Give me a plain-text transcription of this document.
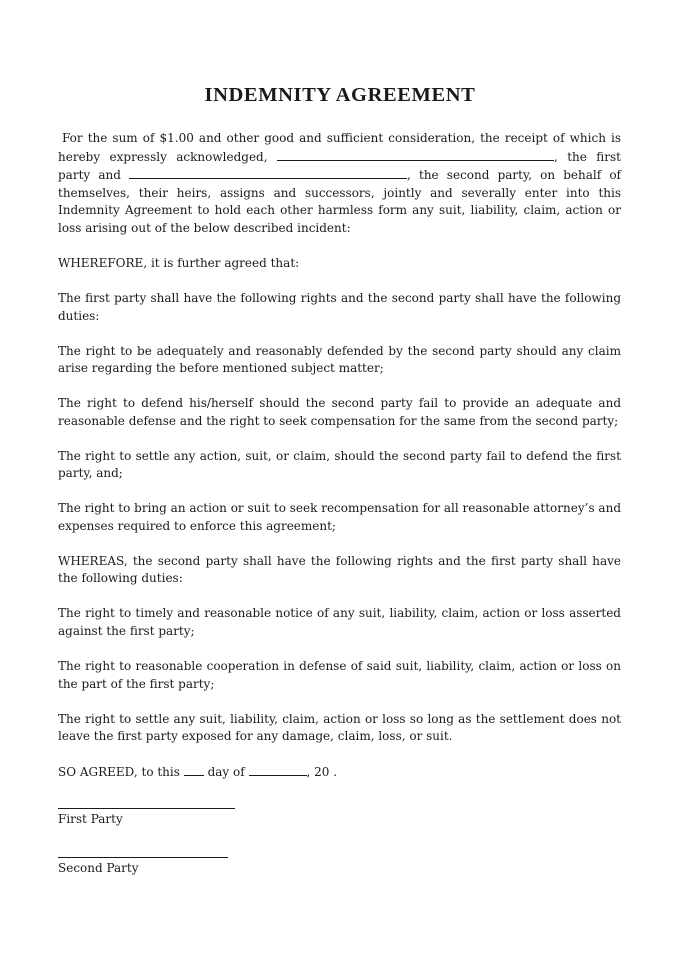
INDEMNITY AGREEMENT

For the sum of $1.00 and other good and sufficient consideration, the receipt of which is hereby expressly acknowledged,	, the first party and	, the second party, on behalf of themselves, their heirs, assigns and successors, jointly and severally enter into this Indemnity Agreement to hold each other harmless form any suit, liability, claim, action or loss arising out of the below described incident:

WHEREFORE, it is further agreed that:

The first party shall have the following rights and the second party shall have the following duties:

The right to be adequately and reasonably defended by the second party should any claim arise regarding the before mentioned subject matter;

The right to defend his/herself should the second party fail to provide an adequate and reasonable defense and the right to seek compensation for the same from the second party;

The right to settle any action, suit, or claim, should the second party fail to defend the first party, and;

The right to bring an action or suit to seek recompensation for all reasonable attorney’s and expenses required to enforce this agreement;

WHEREAS, the second party shall have the following rights and the first party shall have the following duties:

The right to timely and reasonable notice of any suit, liability, claim, action or loss asserted against the first party;

The right to reasonable cooperation in defense of said suit, liability, claim, action or loss on the part of the first party;

The right to settle any suit, liability, claim, action or loss so long as the settlement does not leave the first party exposed for any damage, claim, loss, or suit.

SO AGREED, to this day of	, 20 .

First Party
Second Party
